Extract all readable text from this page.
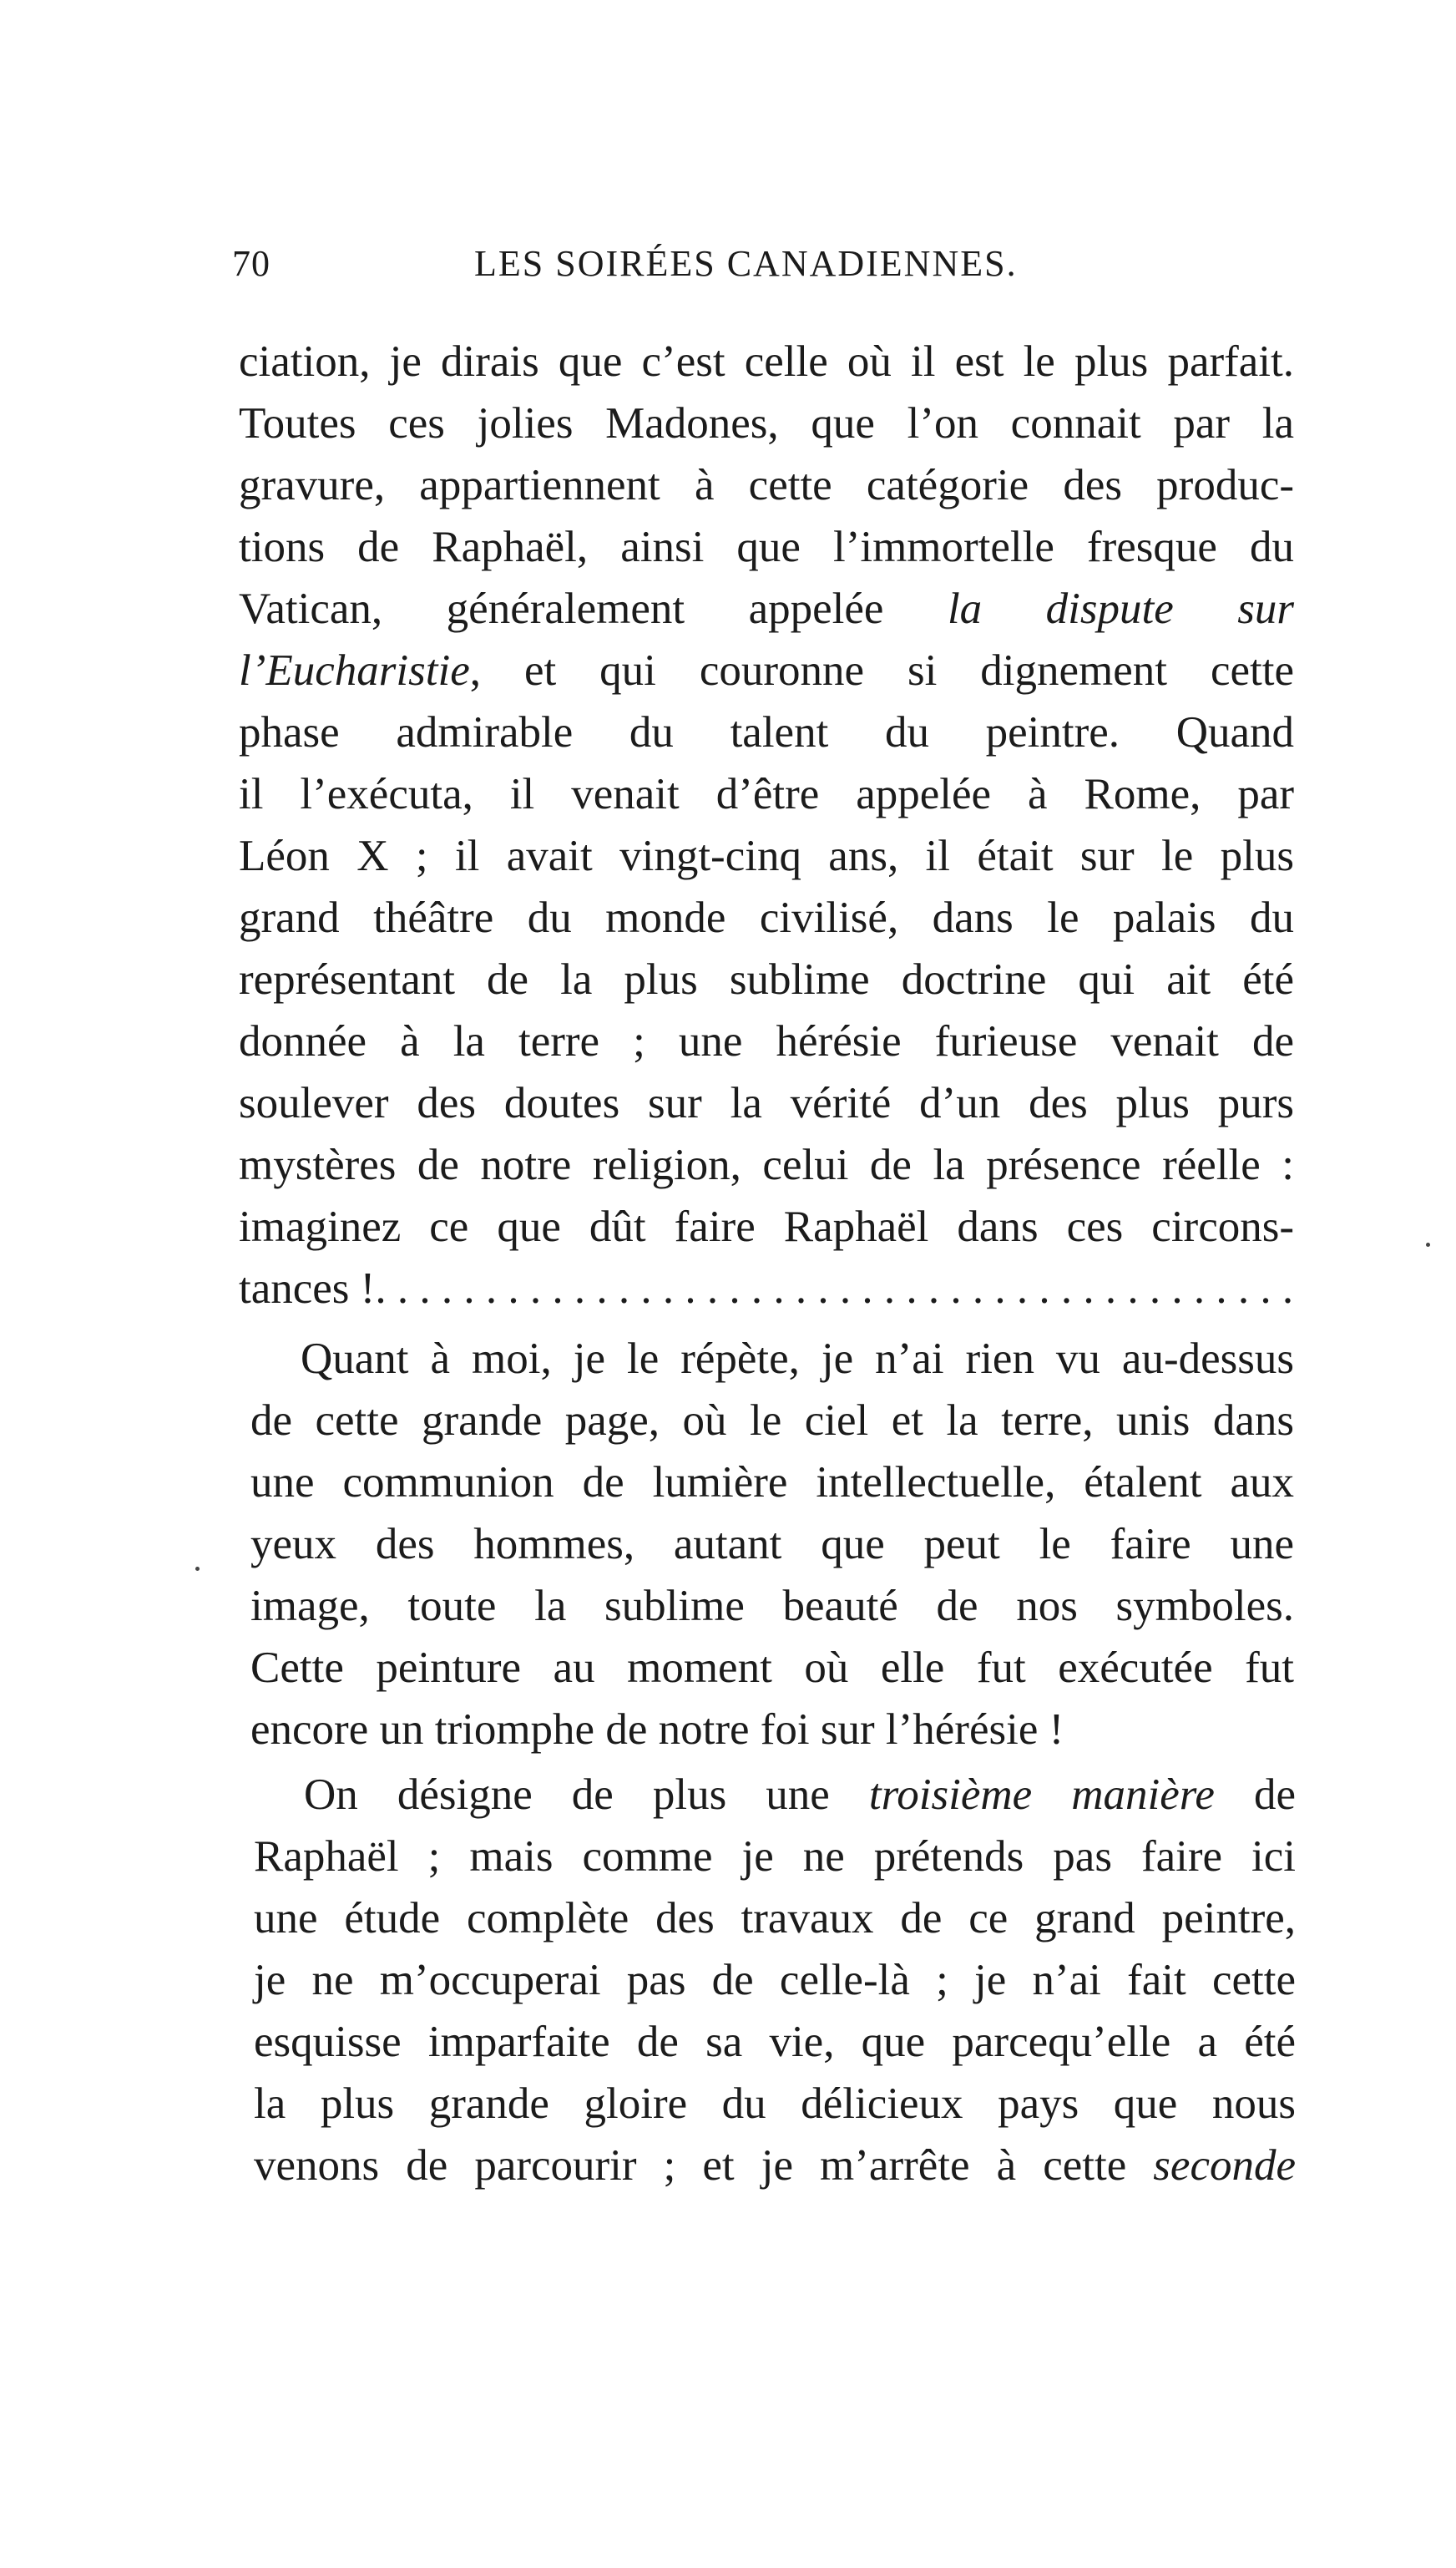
70	LES SOIRÉES CANADIENNES.
ciation, je dirais que c’est celle où il est le plus parfait.
Toutes ces jolies Madones, que l’on connait par la
gravure, appartiennent à cette catégorie des produc-
tions de Raphaël, ainsi que l’immortelle fresque du
Vatican, généralement appelée la dispute sur
l’Eucharistie, et qui couronne si dignement cette
phase admirable du talent du peintre. Quand
il l’exécuta, il venait d’être appelée à Rome, par
Léon X ; il avait vingt-cinq ans, il était sur le plus
grand théâtre du monde civilisé, dans le palais du
représentant de la plus sublime doctrine qui ait été
donnée à la terre ; une hérésie furieuse venait de
soulever des doutes sur la vérité d’un des plus purs
mystères de notre religion, celui de la présence réelle :
imaginez ce que dût faire Raphaël dans ces circons-
tances !. . . . . . . . . . . . . . . . . . . . . . . . . . . . . . . . . . . . . . . . . .
Quant à moi, je le répète, je n’ai rien vu au-dessus
de cette grande page, où le ciel et la terre, unis dans
une communion de lumière intellectuelle, étalent aux
yeux des hommes, autant que peut le faire une
image, toute la sublime beauté de nos symboles.
Cette peinture au moment où elle fut exécutée fut
encore un triomphe de notre foi sur l’hérésie !
On désigne de plus une troisième manière de
Raphaël ; mais comme je ne prétends pas faire ici
une étude complète des travaux de ce grand peintre,
je ne m’occuperai pas de celle-là ; je n’ai fait cette
esquisse imparfaite de sa vie, que parcequ’elle a été
la plus grande gloire du délicieux pays que nous
venons de parcourir ; et je m’arrête à cette seconde
